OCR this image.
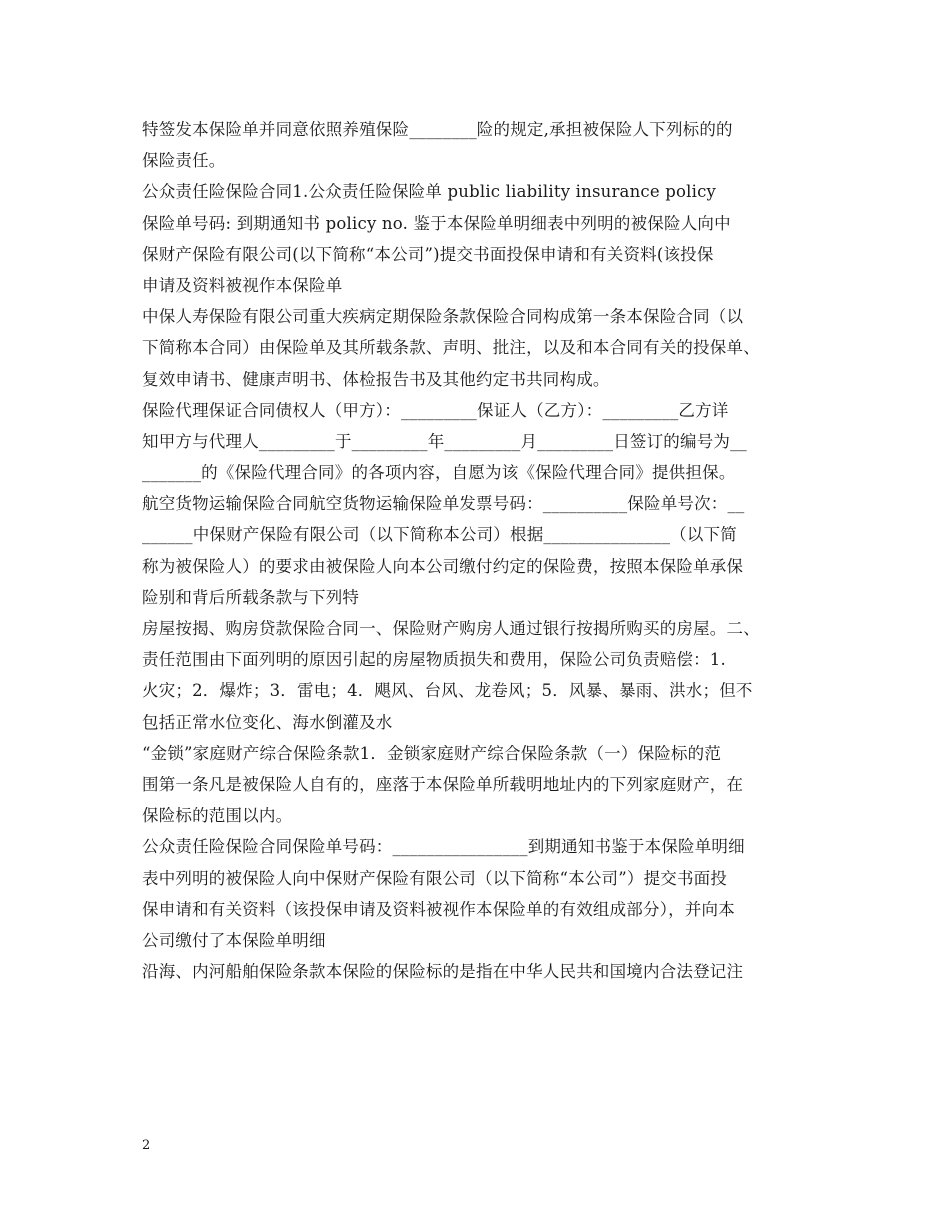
特签发本保险单并同意依照养殖保险________险的规定,承担被保险人下列标的的
保险责任。
公众责任险保险合同1.公众责任险保险单 public liability insurance policy
保险单号码: 到期通知书 policy no. 鉴于本保险单明细表中列明的被保险人向中
保财产保险有限公司(以下简称“本公司”)提交书面投保申请和有关资料(该投保
申请及资料被视作本保险单
中保人寿保险有限公司重大疾病定期保险条款保险合同构成第一条本保险合同（以
下简称本合同）由保险单及其所载条款、声明、批注，以及和本合同有关的投保单、
复效申请书、健康声明书、体检报告书及其他约定书共同构成。
保险代理保证合同债权人（甲方）：_________保证人（乙方）：_________乙方详
知甲方与代理人_________于_________年_________月_________日签订的编号为__
_______的《保险代理合同》的各项内容，自愿为该《保险代理合同》提供担保。
航空货物运输保险合同航空货物运输保险单发票号码：__________保险单号次：__
______中保财产保险有限公司（以下简称本公司）根据_______________（以下简
称为被保险人）的要求由被保险人向本公司缴付约定的保险费，按照本保险单承保
险别和背后所载条款与下列特
房屋按揭、购房贷款保险合同一、保险财产购房人通过银行按揭所购买的房屋。二、
责任范围由下面列明的原因引起的房屋物质损失和费用，保险公司负责赔偿：1.
火灾；2．爆炸；3．雷电；4．飓风、台风、龙卷风；5．风暴、暴雨、洪水；但不
包括正常水位变化、海水倒灌及水
“金锁”家庭财产综合保险条款1．金锁家庭财产综合保险条款（一）保险标的范
围第一条凡是被保险人自有的，座落于本保险单所载明地址内的下列家庭财产，在
保险标的范围以内。
公众责任险保险合同保险单号码：________________到期通知书鉴于本保险单明细
表中列明的被保险人向中保财产保险有限公司（以下简称“本公司”）提交书面投
保申请和有关资料（该投保申请及资料被视作本保险单的有效组成部分），并向本
公司缴付了本保险单明细
沿海、内河船舶保险条款本保险的保险标的是指在中华人民共和国境内合法登记注
2
